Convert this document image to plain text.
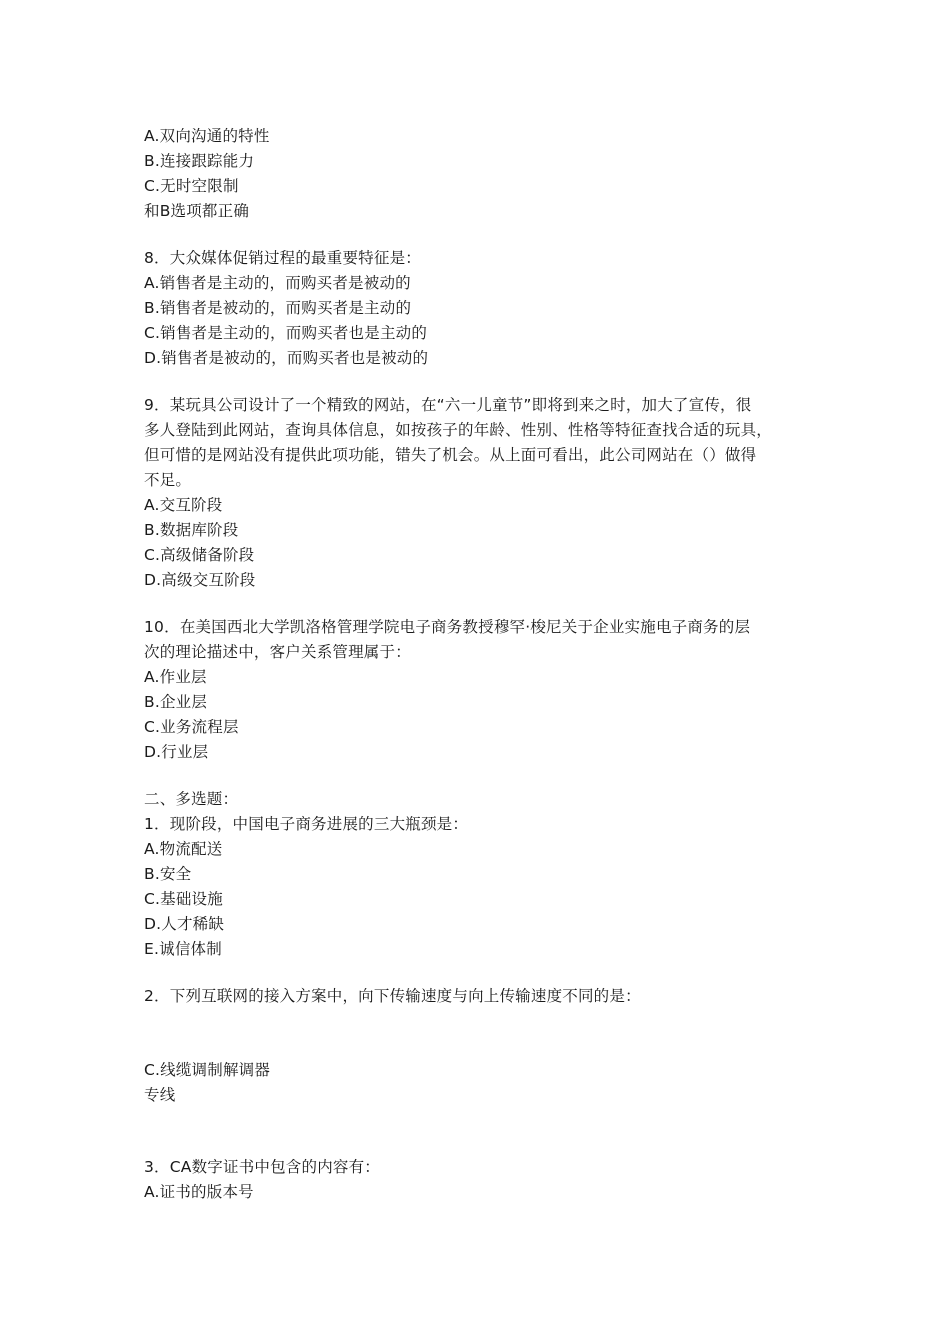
A.双向沟通的特性
B.连接跟踪能力
C.无时空限制
和B选项都正确
8．大众媒体促销过程的最重要特征是：
A.销售者是主动的，而购买者是被动的
B.销售者是被动的，而购买者是主动的
C.销售者是主动的，而购买者也是主动的
D.销售者是被动的，而购买者也是被动的
9．某玩具公司设计了一个精致的网站，在“六一儿童节”即将到来之时，加大了宣传，很
多人登陆到此网站，查询具体信息，如按孩子的年龄、性别、性格等特征查找合适的玩具，
但可惜的是网站没有提供此项功能，错失了机会。从上面可看出，此公司网站在（）做得
不足。
A.交互阶段
B.数据库阶段
C.高级储备阶段
D.高级交互阶段
10．在美国西北大学凯洛格管理学院电子商务教授穆罕·梭尼关于企业实施电子商务的层
次的理论描述中，客户关系管理属于：
A.作业层
B.企业层
C.业务流程层
D.行业层
二、多选题：
1．现阶段，中国电子商务进展的三大瓶颈是：
A.物流配送
B.安全
C.基础设施
D.人才稀缺
E.诚信体制
2．下列互联网的接入方案中，向下传输速度与向上传输速度不同的是：
C.线缆调制解调器
专线
3．CA数字证书中包含的内容有：
A.证书的版本号
